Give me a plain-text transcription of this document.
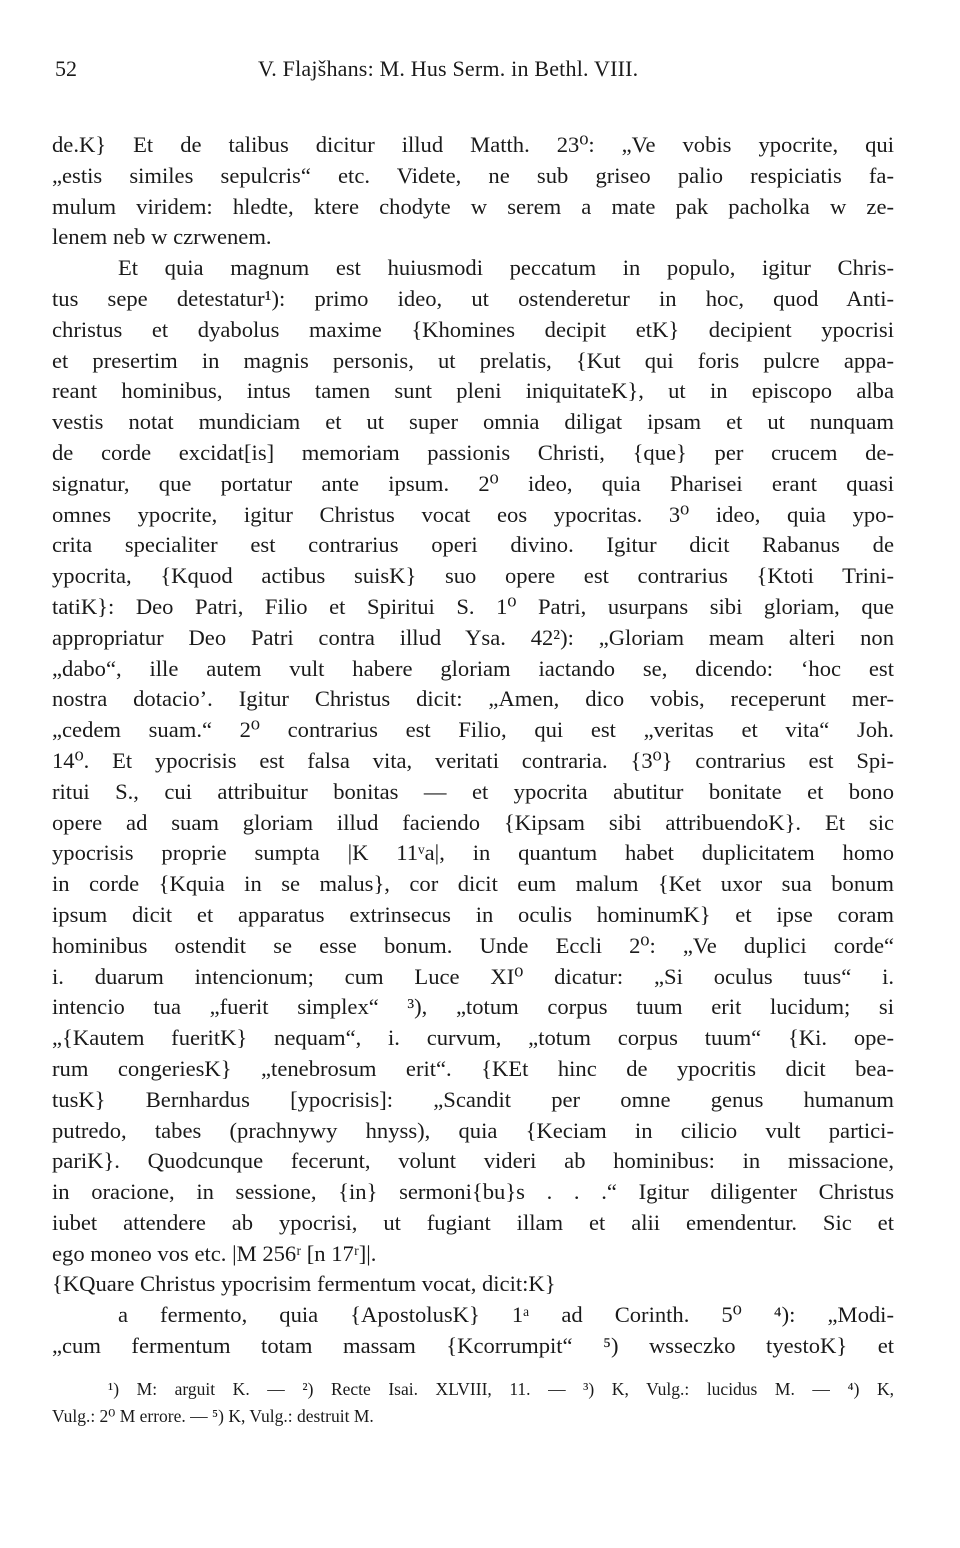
52	V. Flajšhans: M. Hus Serm. in Bethl. VIII.
de.K} Et de talibus dicitur illud Matth. 23⁰: „Ve vobis ypocrite, qui
„estis similes sepulcris“ etc. Videte, ne sub griseo palio respiciatis fa-
mulum viridem: hledte, ktere chodyte w serem a mate pak pacholka w ze-
lenem neb w czrwenem.
Et quia magnum est huiusmodi peccatum in populo, igitur Chris-
tus sepe detestatur¹): primo ideo, ut ostenderetur in hoc, quod Anti-
christus et dyabolus maxime {Khomines decipit etK} decipient ypocrisi
et presertim in magnis personis, ut prelatis, {Kut qui foris pulcre appa-
reant hominibus, intus tamen sunt pleni iniquitateK}, ut in episcopo alba
vestis notat mundiciam et ut super omnia diligat ipsam et ut nunquam
de corde excidat[is] memoriam passionis Christi, {que} per crucem de-
signatur, que portatur ante ipsum. 2⁰ ideo, quia Pharisei erant quasi
omnes ypocrite, igitur Christus vocat eos ypocritas. 3⁰ ideo, quia ypo-
crita specialiter est contrarius operi divino. Igitur dicit Rabanus de
ypocrita, {Kquod actibus suisK} suo opere est contrarius {Ktoti Trini-
tatiK}: Deo Patri, Filio et Spiritui S. 1⁰ Patri, usurpans sibi gloriam, que
appropriatur Deo Patri contra illud Ysa. 42²): „Gloriam meam alteri non
„dabo“, ille autem vult habere gloriam iactando se, dicendo: ‘hoc est
nostra dotacio’. Igitur Christus dicit: „Amen, dico vobis, receperunt mer-
„cedem suam.“ 2⁰ contrarius est Filio, qui est „veritas et vita“ Joh.
14⁰. Et ypocrisis est falsa vita, veritati contraria. {3⁰} contrarius est Spi-
ritui S., cui attribuitur bonitas — et ypocrita abutitur bonitate et bono
opere ad suam gloriam illud faciendo {Kipsam sibi attribuendoK}. Et sic
ypocrisis proprie sumpta |K 11ᵛa|, in quantum habet duplicitatem homo
in corde {Kquia in se malus}, cor dicit eum malum {Ket uxor sua bonum
ipsum dicit et apparatus extrinsecus in oculis hominumK} et ipse coram
hominibus ostendit se esse bonum. Unde Eccli 2⁰: „Ve duplici corde“
i. duarum intencionum; cum Luce XI⁰ dicatur: „Si oculus tuus“ i.
intencio tua „fuerit simplex“ ³), „totum corpus tuum erit lucidum; si
„{Kautem fueritK} nequam“, i. curvum, „totum corpus tuum“ {Ki. ope-
rum congeriesK} „tenebrosum erit“. {KEt hinc de ypocritis dicit bea-
tusK} Bernhardus [ypocrisis]: „Scandit per omne genus humanum
putredo, tabes (prachnywy hnyss), quia {Keciam in cilicio vult partici-
pariK}. Quodcunque fecerunt, volunt videri ab hominibus: in missacione,
in oracione, in sessione, {in} sermoni{bu}s . . .“ Igitur diligenter Christus
iubet attendere ab ypocrisi, ut fugiant illam et alii emendentur. Sic et
ego moneo vos etc. |M 256ʳ [n 17ʳ]|.
{KQuare Christus ypocrisim fermentum vocat, dicit:K}
a fermento, quia {ApostolusK} 1ᵃ ad Corinth. 5⁰ ⁴): „Modi-
„cum fermentum totam massam {Kcorrumpit“ ⁵) wsseczko tyestoK} et
¹) M: arguit K. — ²) Recte Isai. XLVIII, 11. — ³) K, Vulg.: lucidus M. — ⁴) K,
Vulg.: 2⁰ M errore. — ⁵) K, Vulg.: destruit M.
